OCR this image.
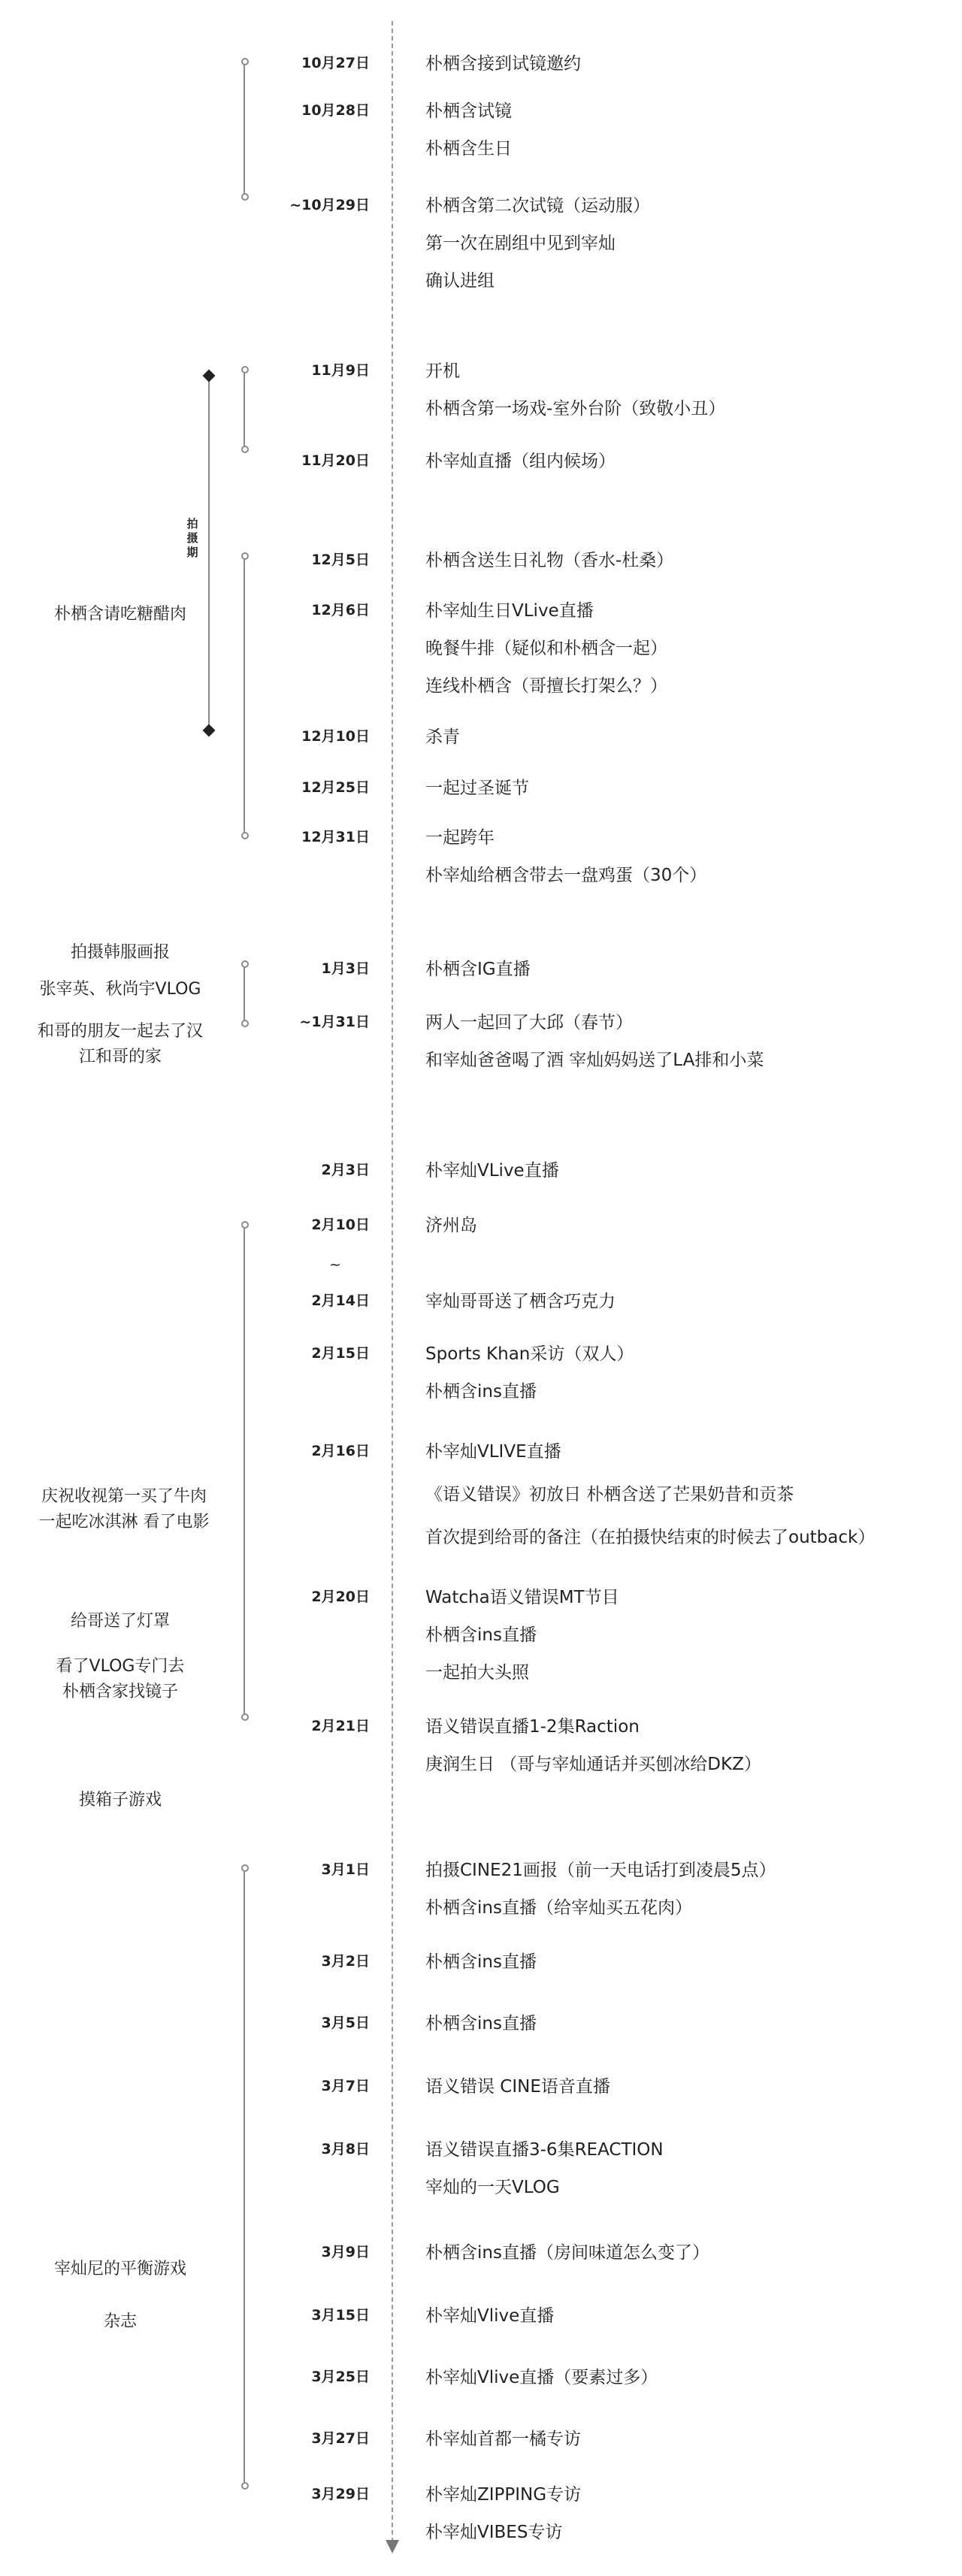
拍摄期
10月27日	朴栖含接到试镜邀约
10月28日	朴栖含试镜
朴栖含生日
~10月29日	朴栖含第二次试镜（运动服）
第一次在剧组中见到宰灿
确认进组
11月9日	开机
朴栖含第一场戏-室外台阶（致敬小丑）
11月20日	朴宰灿直播（组内候场）
12月5日	朴栖含送生日礼物（香水-杜桑）
12月6日	朴宰灿生日VLive直播
晚餐牛排（疑似和朴栖含一起）
连线朴栖含（哥擅长打架么？）
12月10日	杀青
12月25日	一起过圣诞节
12月31日	一起跨年
朴宰灿给栖含带去一盘鸡蛋（30个）
1月3日	朴栖含IG直播
~1月31日	两人一起回了大邱（春节）
和宰灿爸爸喝了酒 宰灿妈妈送了LA排和小菜
2月3日	朴宰灿VLive直播
2月10日	济州岛
~
2月14日	宰灿哥哥送了栖含巧克力
2月15日	Sports Khan采访（双人）
朴栖含ins直播
2月16日	朴宰灿VLIVE直播
《语义错误》初放日 朴栖含送了芒果奶昔和贡茶
首次提到给哥的备注（在拍摄快结束的时候去了outback）
2月20日	Watcha语义错误MT节目
朴栖含ins直播
一起拍大头照
2月21日	语义错误直播1-2集Raction
庚润生日 （哥与宰灿通话并买刨冰给DKZ）
3月1日	拍摄CINE21画报（前一天电话打到凌晨5点）
朴栖含ins直播（给宰灿买五花肉）
3月2日	朴栖含ins直播
3月5日	朴栖含ins直播
3月7日	语义错误 CINE语音直播
3月8日	语义错误直播3-6集REACTION
宰灿的一天VLOG
3月9日	朴栖含ins直播（房间味道怎么变了）
3月15日	朴宰灿Vlive直播
3月25日	朴宰灿Vlive直播（要素过多）
3月27日	朴宰灿首都一橘专访
3月29日	朴宰灿ZIPPING专访
朴宰灿VIBES专访
朴栖含请吃糖醋肉
拍摄韩服画报
张宰英、秋尚宇VLOG
和哥的朋友一起去了汉
江和哥的家
庆祝收视第一买了牛肉
一起吃冰淇淋 看了电影
给哥送了灯罩
看了VLOG专门去
朴栖含家找镜子
摸箱子游戏
宰灿尼的平衡游戏
杂志
